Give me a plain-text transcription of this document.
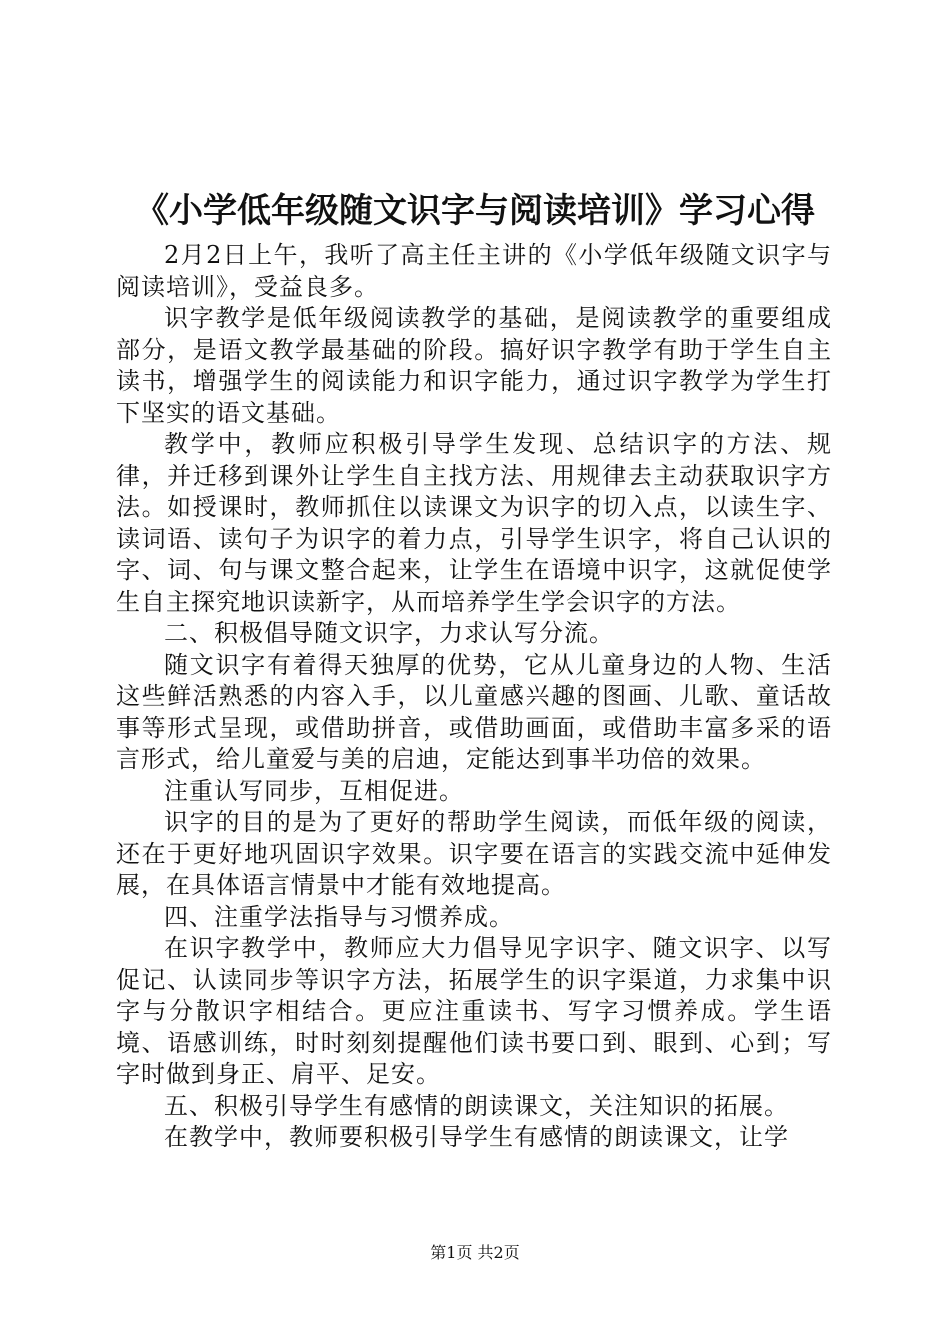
《小学低年级随文识字与阅读培训》学习心得

2月2日上午，我听了高主任主讲的《小学低年级随文识字与阅读培训》，受益良多。

识字教学是低年级阅读教学的基础，是阅读教学的重要组成部分，是语文教学最基础的阶段。搞好识字教学有助于学生自主读书，增强学生的阅读能力和识字能力，通过识字教学为学生打下坚实的语文基础。

教学中，教师应积极引导学生发现、总结识字的方法、规律，并迁移到课外让学生自主找方法、用规律去主动获取识字方法。如授课时，教师抓住以读课文为识字的切入点，以读生字、读词语、读句子为识字的着力点，引导学生识字，将自己认识的字、词、句与课文整合起来，让学生在语境中识字，这就促使学生自主探究地识读新字，从而培养学生学会识字的方法。

二、积极倡导随文识字，力求认写分流。

随文识字有着得天独厚的优势，它从儿童身边的人物、生活这些鲜活熟悉的内容入手，以儿童感兴趣的图画、儿歌、童话故事等形式呈现，或借助拼音，或借助画面，或借助丰富多采的语言形式，给儿童爱与美的启迪，定能达到事半功倍的效果。

注重认写同步，互相促进。

识字的目的是为了更好的帮助学生阅读，而低年级的阅读，还在于更好地巩固识字效果。识字要在语言的实践交流中延伸发展，在具体语言情景中才能有效地提高。

四、注重学法指导与习惯养成。

在识字教学中，教师应大力倡导见字识字、随文识字、以写促记、认读同步等识字方法，拓展学生的识字渠道，力求集中识字与分散识字相结合。更应注重读书、写字习惯养成。学生语境、语感训练，时时刻刻提醒他们读书要口到、眼到、心到；写字时做到身正、肩平、足安。

五、积极引导学生有感情的朗读课文，关注知识的拓展。

在教学中，教师要积极引导学生有感情的朗读课文，让学

第1页 共2页
